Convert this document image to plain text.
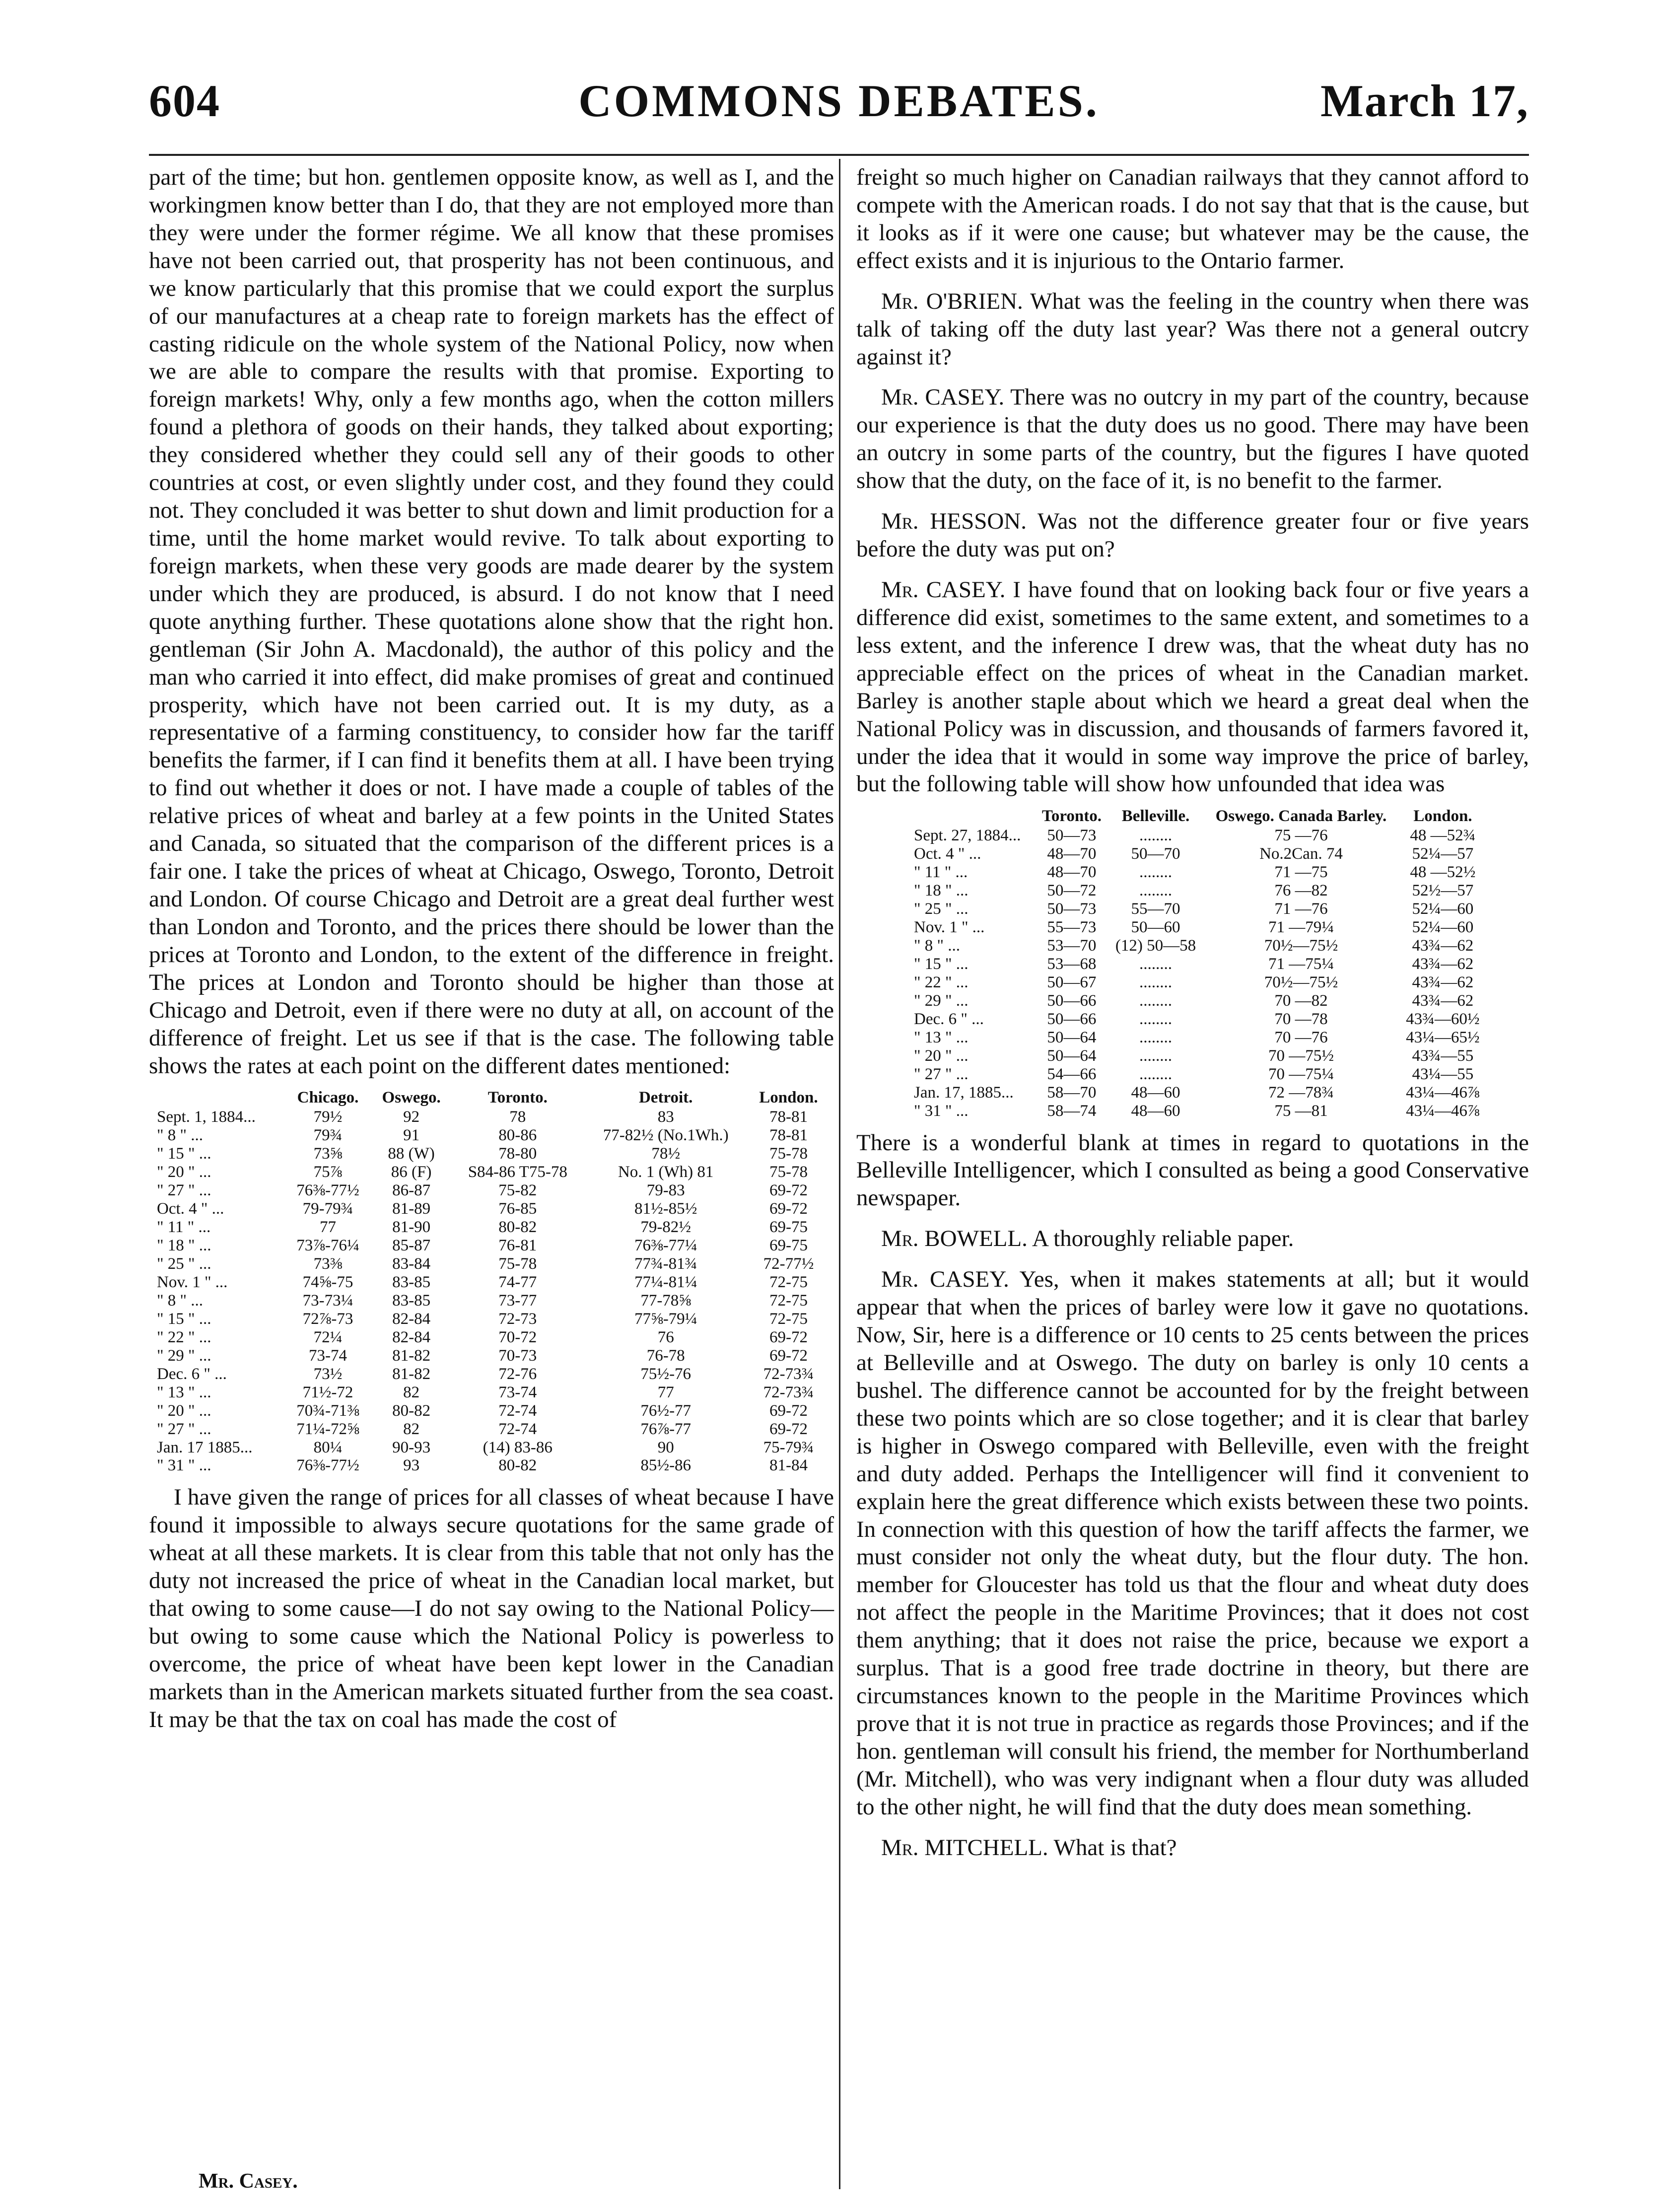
604	COMMONS DEBATES.	March 17,

part of the time; but hon. gentlemen opposite know, as well as I, and the workingmen know better than I do, that they are not employed more than they were under the former régime. We all know that these promises have not been carried out, that prosperity has not been continuous, and we know particularly that this promise that we could export the surplus of our manufactures at a cheap rate to foreign markets has the effect of casting ridicule on the whole system of the National Policy, now when we are able to compare the results with that promise. Exporting to foreign markets! Why, only a few months ago, when the cotton millers found a plethora of goods on their hands, they talked about exporting; they considered whether they could sell any of their goods to other countries at cost, or even slightly under cost, and they found they could not. They concluded it was better to shut down and limit production for a time, until the home market would revive. To talk about exporting to foreign markets, when these very goods are made dearer by the system under which they are produced, is absurd. I do not know that I need quote anything further. These quotations alone show that the right hon. gentleman (Sir John A. Macdonald), the author of this policy and the man who carried it into effect, did make promises of great and continued prosperity, which have not been carried out. It is my duty, as a representative of a farming constituency, to consider how far the tariff benefits the farmer, if I can find it benefits them at all. I have been trying to find out whether it does or not. I have made a couple of tables of the relative prices of wheat and barley at a few points in the United States and Canada, so situated that the comparison of the different prices is a fair one. I take the prices of wheat at Chicago, Oswego, Toronto, Detroit and London. Of course Chicago and Detroit are a great deal further west than London and Toronto, and the prices there should be lower than the prices at Toronto and London, to the extent of the difference in freight. The prices at London and Toronto should be higher than those at Chicago and Detroit, even if there were no duty at all, on account of the difference of freight. Let us see if that is the case. The following table shows the rates at each point on the different dates mentioned:

	Chicago.	Oswego.	Toronto.	Detroit.	London.
Sept. 1, 1884...	79½	92	78	83	78-81
" 8 " ...	79¾	91	80-86	77-82½ (No.1Wh.)	78-81
" 15 " ...	73⅝	88 (W)	78-80	78½	75-78
" 20 " ...	75⅞	86 (F)	S84-86 T75-78	No. 1 (Wh) 81	75-78
" 27 " ...	76⅜-77½	86-87	75-82	79-83	69-72
Oct. 4 " ...	79-79¾	81-89	76-85	81½-85½	69-72
" 11 " ...	77	81-90	80-82	79-82½	69-75
" 18 " ...	73⅞-76¼	85-87	76-81	76⅜-77¼	69-75
" 25 " ...	73⅜	83-84	75-78	77¾-81¾	72-77½
Nov. 1 " ...	74⅝-75	83-85	74-77	77¼-81¼	72-75
" 8 " ...	73-73¼	83-85	73-77	77-78⅝	72-75
" 15 " ...	72⅞-73	82-84	72-73	77⅝-79¼	72-75
" 22 " ...	72¼	82-84	70-72	76	69-72
" 29 " ...	73-74	81-82	70-73	76-78	69-72
Dec. 6 " ...	73½	81-82	72-76	75½-76	72-73¾
" 13 " ...	71½-72	82	73-74	77	72-73¾
" 20 " ...	70¾-71⅜	80-82	72-74	76½-77	69-72
" 27 " ...	71¼-72⅝	82	72-74	76⅞-77	69-72
Jan. 17 1885...	80¼	90-93	(14) 83-86	90	75-79¾
" 31 " ...	76⅜-77½	93	80-82	85½-86	81-84

I have given the range of prices for all classes of wheat because I have found it impossible to always secure quotations for the same grade of wheat at all these markets. It is clear from this table that not only has the duty not increased the price of wheat in the Canadian local market, but that owing to some cause—I do not say owing to the National Policy—but owing to some cause which the National Policy is powerless to overcome, the price of wheat have been kept lower in the Canadian markets than in the American markets situated further from the sea coast. It may be that the tax on coal has made the cost of

Mr. Casey.

freight so much higher on Canadian railways that they cannot afford to compete with the American roads. I do not say that that is the cause, but it looks as if it were one cause; but whatever may be the cause, the effect exists and it is injurious to the Ontario farmer.

Mr. O'BRIEN. What was the feeling in the country when there was talk of taking off the duty last year? Was there not a general outcry against it?

Mr. CASEY. There was no outcry in my part of the country, because our experience is that the duty does us no good. There may have been an outcry in some parts of the country, but the figures I have quoted show that the duty, on the face of it, is no benefit to the farmer.

Mr. HESSON. Was not the difference greater four or five years before the duty was put on?

Mr. CASEY. I have found that on looking back four or five years a difference did exist, sometimes to the same extent, and sometimes to a less extent, and the inference I drew was, that the wheat duty has no appreciable effect on the prices of wheat in the Canadian market. Barley is another staple about which we heard a great deal when the National Policy was in discussion, and thousands of farmers favored it, under the idea that it would in some way improve the price of barley, but the following table will show how unfounded that idea was

	Toronto.	Belleville.	Oswego. Canada Barley.	London.
Sept. 27, 1884...	50—73	........	75 —76	48 —52¾
Oct. 4 " ...	48—70	50—70	No.2Can. 74	52¼—57
" 11 " ...	48—70	........	71 —75	48 —52½
" 18 " ...	50—72	........	76 —82	52½—57
" 25 " ...	50—73	55—70	71 —76	52¼—60
Nov. 1 " ...	55—73	50—60	71 —79¼	52¼—60
" 8 " ...	53—70	(12) 50—58	70½—75½	43¾—62
" 15 " ...	53—68	........	71 —75¼	43¾—62
" 22 " ...	50—67	........	70½—75½	43¾—62
" 29 " ...	50—66	........	70 —82	43¾—62
Dec. 6 " ...	50—66	........	70 —78	43¾—60½
" 13 " ...	50—64	........	70 —76	43¼—65½
" 20 " ...	50—64	........	70 —75½	43¾—55
" 27 " ...	54—66	........	70 —75¼	43¼—55
Jan. 17, 1885...	58—70	48—60	72 —78¾	43¼—46⅞
" 31 " ...	58—74	48—60	75 —81	43¼—46⅞

There is a wonderful blank at times in regard to quotations in the Belleville Intelligencer, which I consulted as being a good Conservative newspaper.

Mr. BOWELL. A thoroughly reliable paper.

Mr. CASEY. Yes, when it makes statements at all; but it would appear that when the prices of barley were low it gave no quotations. Now, Sir, here is a difference or 10 cents to 25 cents between the prices at Belleville and at Oswego. The duty on barley is only 10 cents a bushel. The difference cannot be accounted for by the freight between these two points which are so close together; and it is clear that barley is higher in Oswego compared with Belleville, even with the freight and duty added. Perhaps the Intelligencer will find it convenient to explain here the great difference which exists between these two points. In connection with this question of how the tariff affects the farmer, we must consider not only the wheat duty, but the flour duty. The hon. member for Gloucester has told us that the flour and wheat duty does not affect the people in the Maritime Provinces; that it does not cost them anything; that it does not raise the price, because we export a surplus. That is a good free trade doctrine in theory, but there are circumstances known to the people in the Maritime Provinces which prove that it is not true in practice as regards those Provinces; and if the hon. gentleman will consult his friend, the member for Northumberland (Mr. Mitchell), who was very indignant when a flour duty was alluded to the other night, he will find that the duty does mean something.

Mr. MITCHELL. What is that?
